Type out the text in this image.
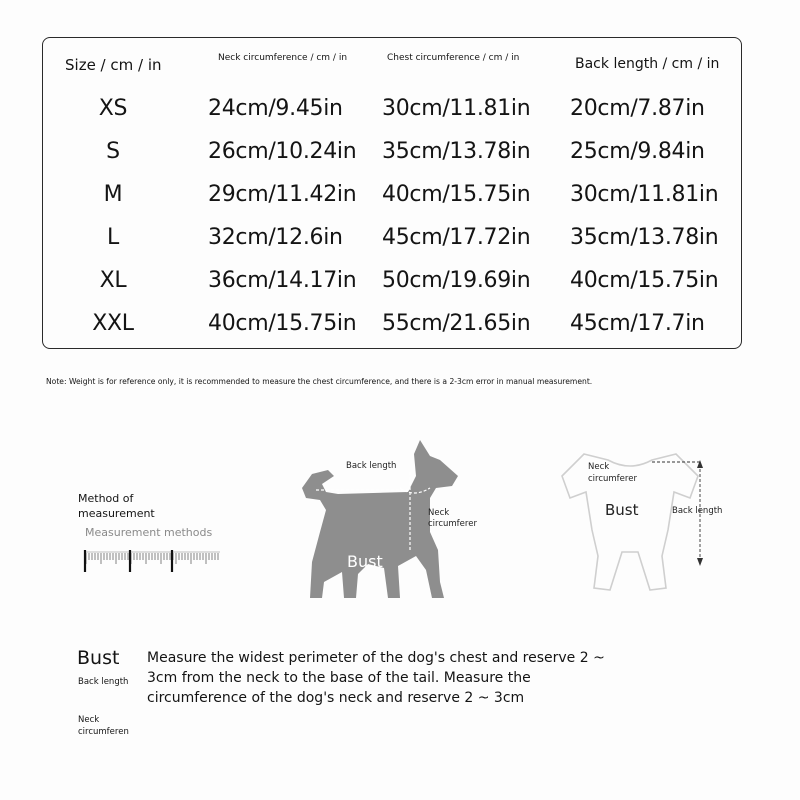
Size / cm / in	Neck circumference / cm / in	Chest circumference / cm / in	Back length / cm / in
XS	24cm/9.45in 30cm/11.81in 20cm/7.87in
S	26cm/10.24in 35cm/13.78in 25cm/9.84in
M	29cm/11.42in 40cm/15.75in 30cm/11.81in
L	32cm/12.6in 45cm/17.72in 35cm/13.78in
XL	36cm/14.17in 50cm/19.69in 40cm/15.75in
XXL	40cm/15.75in 55cm/21.65in 45cm/17.7in
Note: Weight is for reference only, it is recommended to measure the chest circumference, and there is a 2-3cm error in manual measurement.
Method of measurement
Measurement methods
Back length
Neck
circumferer
Bust
Neck
circumferer
Bust	Back length
Bust
Back length
Neck
circumferen
Measure the widest perimeter of the dog's chest and reserve 2 ~ 3cm from the neck to the base of the tail. Measure the circumference of the dog's neck and reserve 2 ~ 3cm
